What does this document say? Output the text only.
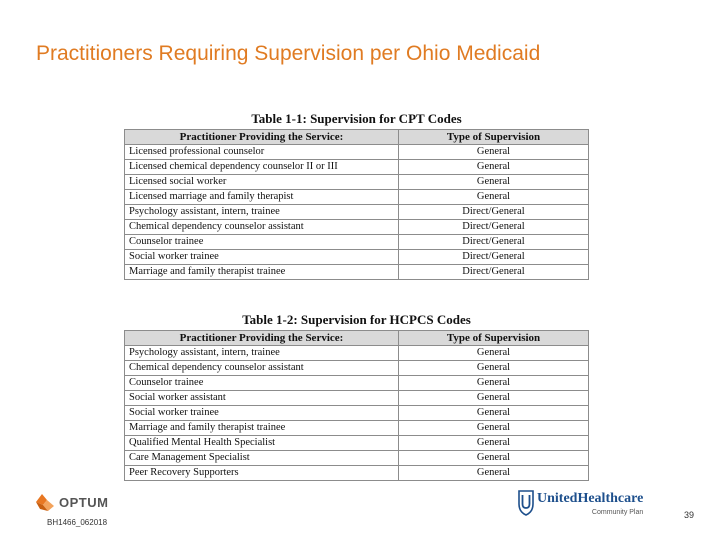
Practitioners Requiring Supervision per Ohio Medicaid
Table 1-1: Supervision for CPT Codes
Practitioner Providing the Service:	Type of Supervision
Licensed professional counselor	General
Licensed chemical dependency counselor II or III	General
Licensed social worker	General
Licensed marriage and family therapist	General
Psychology assistant, intern, trainee	Direct/General
Chemical dependency counselor assistant	Direct/General
Counselor trainee	Direct/General
Social worker trainee	Direct/General
Marriage and family therapist trainee	Direct/General
Table 1-2: Supervision for HCPCS Codes
Practitioner Providing the Service:	Type of Supervision
Psychology assistant, intern, trainee	General
Chemical dependency counselor assistant	General
Counselor trainee	General
Social worker assistant	General
Social worker trainee	General
Marriage and family therapist trainee	General
Qualified Mental Health Specialist	General
Care Management Specialist	General
Peer Recovery Supporters	General
OPTUM
BH1466_062018
UnitedHealthcare
Community Plan	39
